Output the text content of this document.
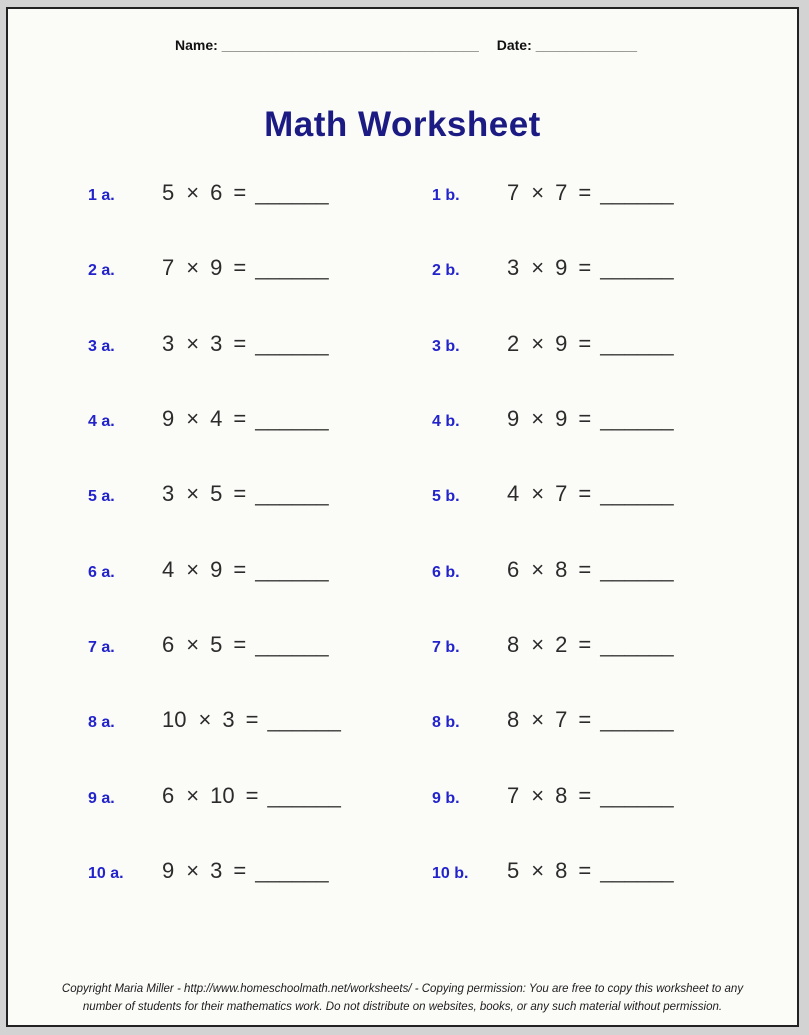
Name: _________________________________ Date: _____________
Math Worksheet
1 a.	5 × 6 = ______	1 b.	7 × 7 = ______
2 a.	7 × 9 = ______	2 b.	3 × 9 = ______
3 a.	3 × 3 = ______	3 b.	2 × 9 = ______
4 a.	9 × 4 = ______	4 b.	9 × 9 = ______
5 a.	3 × 5 = ______	5 b.	4 × 7 = ______
6 a.	4 × 9 = ______	6 b.	6 × 8 = ______
7 a.	6 × 5 = ______	7 b.	8 × 2 = ______
8 a.	10 × 3 = ______	8 b.	8 × 7 = ______
9 a.	6 × 10 = ______	9 b.	7 × 8 = ______
10 a.	9 × 3 = ______	10 b.	5 × 8 = ______
Copyright Maria Miller - http://www.homeschoolmath.net/worksheets/ - Copying permission: You are free to copy this worksheet to any
number of students for their mathematics work. Do not distribute on websites, books, or any such material without permission.
